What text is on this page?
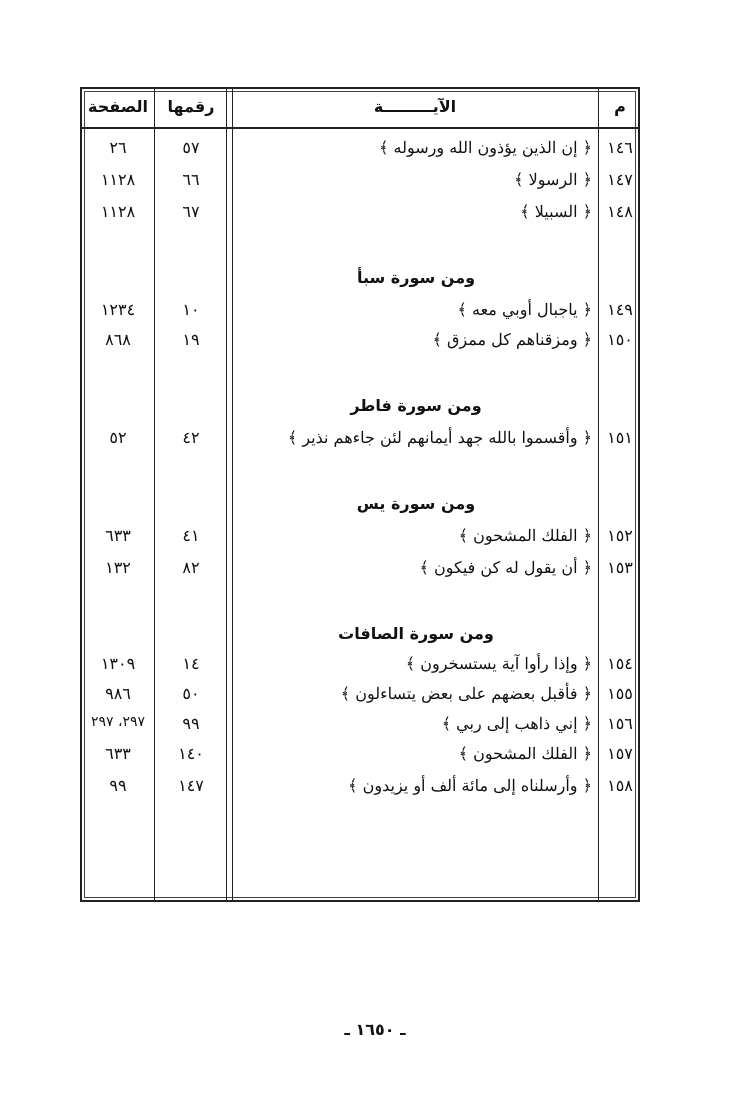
م
الآيـــــــــة
رقمها
الصفحة
١٤٦
﴿ إن الذين يؤذون الله ورسوله ﴾
٥٧
٢٦
١٤٧
﴿ الرسولا ﴾
٦٦
١١٢٨
١٤٨
﴿ السبيلا ﴾
٦٧
١١٢٨
ومن سورة سبأ
١٤٩
﴿ ياجبال أوبي معه ﴾
١٠
١٢٣٤
١٥٠
﴿ ومزقناهم كل ممزق ﴾
١٩
٨٦٨
ومن سورة فاطر
١٥١
﴿ وأقسموا بالله جهد أيمانهم لئن جاءهم نذير ﴾
٤٢
٥٢
ومن سورة يس
١٥٢
﴿ الفلك المشحون ﴾
٤١
٦٣٣
١٥٣
﴿ أن يقول له كن فيكون ﴾
٨٢
١٣٢
ومن سورة الصافات
١٥٤
﴿ وإذا رأوا آية يستسخرون ﴾
١٤
١٣٠٩
١٥٥
﴿ فأقبل بعضهم على بعض يتساءلون ﴾
٥٠
٩٨٦
١٥٦
﴿ إني ذاهب إلى ربي ﴾
٩٩
٢٩٧، ٢٩٧
١٥٧
﴿ الفلك المشحون ﴾
١٤٠
٦٣٣
١٥٨
﴿ وأرسلناه إلى مائة ألف أو يزيدون ﴾
١٤٧
٩٩
ـ ١٦٥٠ ـ
